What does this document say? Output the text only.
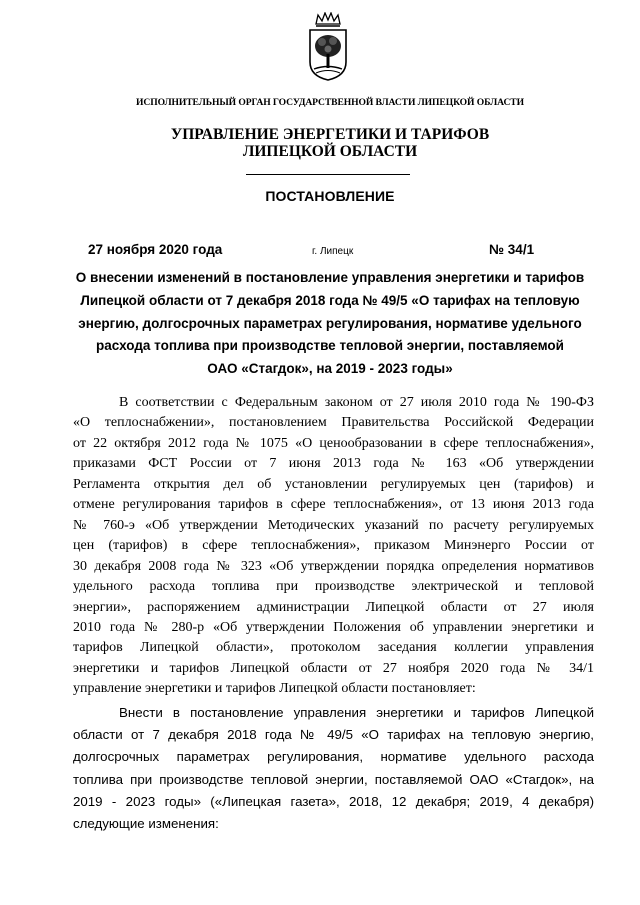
ИСПОЛНИТЕЛЬНЫЙ ОРГАН ГОСУДАРСТВЕННОЙ ВЛАСТИ ЛИПЕЦКОЙ ОБЛАСТИ
УПРАВЛЕНИЕ ЭНЕРГЕТИКИ И ТАРИФОВ
ЛИПЕЦКОЙ ОБЛАСТИ
ПОСТАНОВЛЕНИЕ
27 ноября 2020 года	г. Липецк	№ 34/1
О внесении изменений в постановление управления энергетики и тарифов
Липецкой области от 7 декабря 2018 года № 49/5 «О тарифах на тепловую
энергию, долгосрочных параметрах регулирования, нормативе удельного
расхода топлива при производстве тепловой энергии, поставляемой
ОАО «Стагдок», на 2019 - 2023 годы»
В соответствии с Федеральным законом от 27 июля 2010 года № 190-ФЗ
«О теплоснабжении», постановлением Правительства Российской Федерации
от 22 октября 2012 года № 1075 «О ценообразовании в сфере теплоснабжения»,
приказами ФСТ России от 7 июня 2013 года № 163 «Об утверждении
Регламента открытия дел об установлении регулируемых цен (тарифов) и
отмене регулирования тарифов в сфере теплоснабжения», от 13 июня 2013 года
№ 760-э «Об утверждении Методических указаний по расчету регулируемых
цен (тарифов) в сфере теплоснабжения», приказом Минэнерго России от
30 декабря 2008 года № 323 «Об утверждении порядка определения нормативов
удельного расхода топлива при производстве электрической и тепловой
энергии», распоряжением администрации Липецкой области от 27 июля
2010 года № 280-р «Об утверждении Положения об управлении энергетики и
тарифов Липецкой области», протоколом заседания коллегии управления
энергетики и тарифов Липецкой области от 27 ноября 2020 года № 34/1
управление энергетики и тарифов Липецкой области постановляет:
Внести в постановление управления энергетики и тарифов Липецкой
области от 7 декабря 2018 года № 49/5 «О тарифах на тепловую энергию,
долгосрочных параметрах регулирования, нормативе удельного расхода
топлива при производстве тепловой энергии, поставляемой ОАО «Стагдок», на
2019 - 2023 годы» («Липецкая газета», 2018, 12 декабря; 2019, 4 декабря)
следующие изменения:
